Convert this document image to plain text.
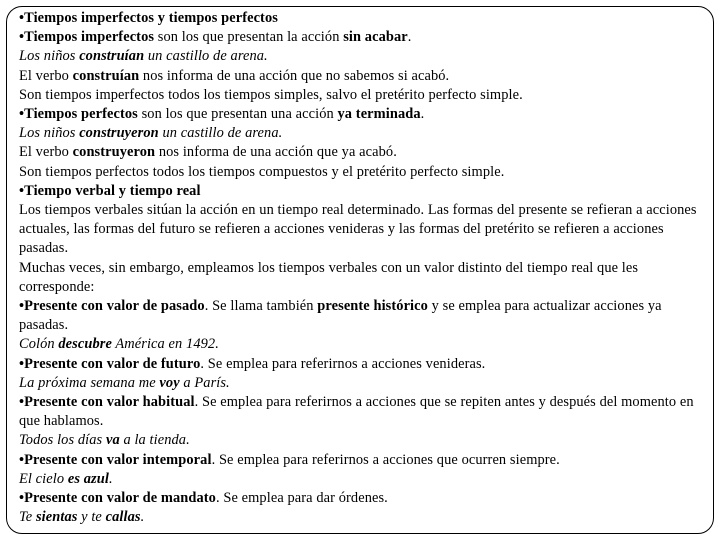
•Tiempos imperfectos y tiempos perfectos

•Tiempos imperfectos son los que presentan la acción sin acabar.

Los niños construían un castillo de arena.

El verbo construían nos informa de una acción que no sabemos si acabó.

Son tiempos imperfectos todos los tiempos simples, salvo el pretérito perfecto simple.

•Tiempos perfectos son los que presentan una acción ya terminada.

Los niños construyeron un castillo de arena.

El verbo construyeron nos informa de una acción que ya acabó.

Son tiempos perfectos todos los tiempos compuestos y el pretérito perfecto simple.

•Tiempo verbal y tiempo real

Los tiempos verbales sitúan la acción en un tiempo real determinado. Las formas del presente se refieran a acciones actuales, las formas del futuro se refieren a acciones venideras y las formas del pretérito se refieren a acciones pasadas.

Muchas veces, sin embargo, empleamos los tiempos verbales con un valor distinto del tiempo real que les corresponde:

•Presente con valor de pasado. Se llama también presente histórico y se emplea para actualizar acciones ya pasadas.

Colón descubre América en 1492.

•Presente con valor de futuro. Se emplea para referirnos a acciones venideras.

La próxima semana me voy a París.

•Presente con valor habitual. Se emplea para referirnos a acciones que se repiten antes y después del momento en que hablamos.

Todos los días va a la tienda.

•Presente con valor intemporal. Se emplea para referirnos a acciones que ocurren siempre.

El cielo es azul.

•Presente con valor de mandato. Se emplea para dar órdenes.

Te sientas y te callas.
